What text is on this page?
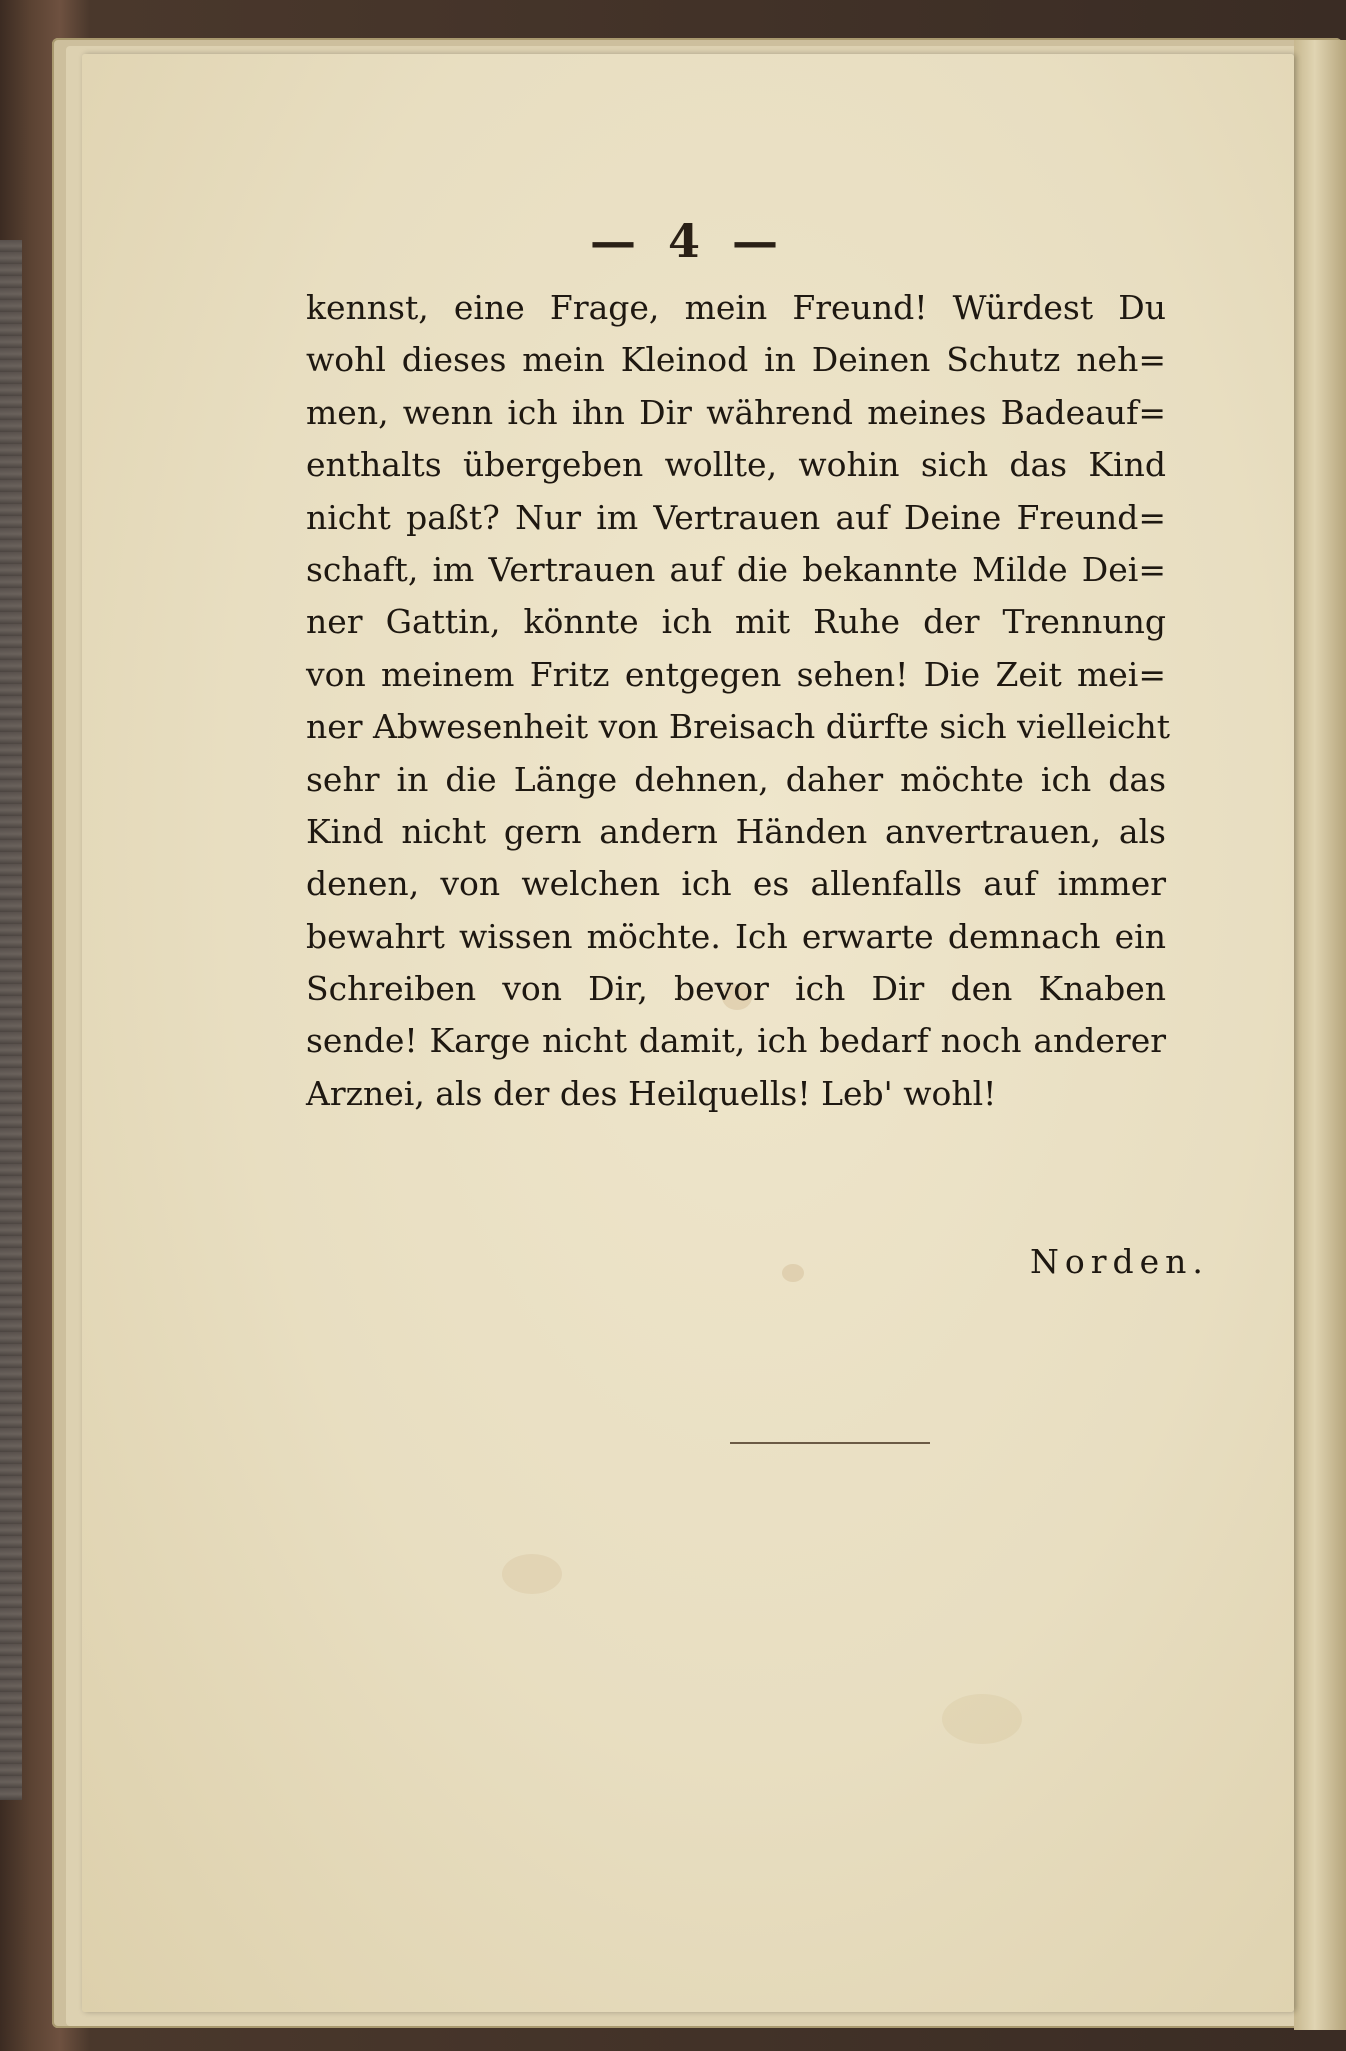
— 4 —
kennst, eine Frage, mein Freund! Würdest Du
wohl dieses mein Kleinod in Deinen Schutz neh=
men, wenn ich ihn Dir während meines Badeauf=
enthalts übergeben wollte, wohin sich das Kind
nicht paßt? Nur im Vertrauen auf Deine Freund=
schaft, im Vertrauen auf die bekannte Milde Dei=
ner Gattin, könnte ich mit Ruhe der Trennung
von meinem Fritz entgegen sehen! Die Zeit mei=
ner Abwesenheit von Breisach dürfte sich vielleicht
sehr in die Länge dehnen, daher möchte ich das
Kind nicht gern andern Händen anvertrauen, als
denen, von welchen ich es allenfalls auf immer
bewahrt wissen möchte. Ich erwarte demnach ein
Schreiben von Dir, bevor ich Dir den Knaben
sende! Karge nicht damit, ich bedarf noch anderer
Arznei, als der des Heilquells! Leb' wohl!
Norden.
